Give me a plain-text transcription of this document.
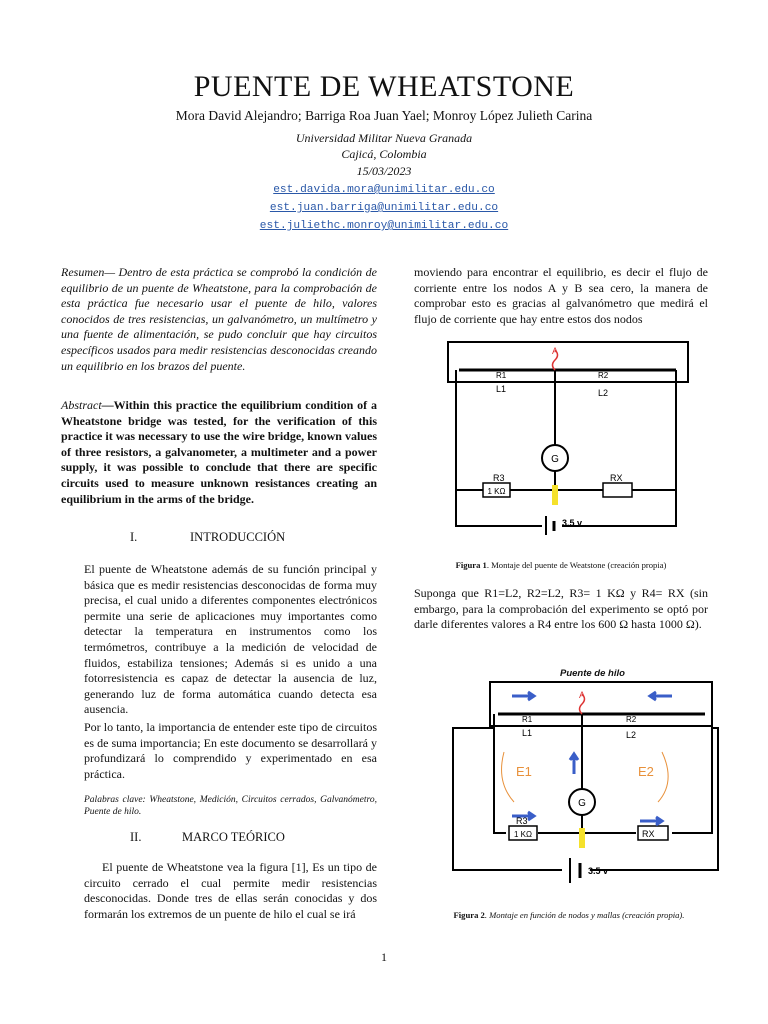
PUENTE DE WHEATSTONE
Mora David Alejandro; Barriga Roa Juan Yael; Monroy López Julieth Carina
Universidad Militar Nueva Granada
Cajicá, Colombia
15/03/2023
est.davida.mora@unimilitar.edu.co
est.juan.barriga@unimilitar.edu.co
est.juliethc.monroy@unimilitar.edu.co
Resumen— Dentro de esta práctica se comprobó la condición de equilibrio de un puente de Wheatstone, para la comprobación de esta práctica fue necesario usar el puente de hilo, valores conocidos de tres resistencias, un galvanómetro, un multímetro y una fuente de alimentación, se pudo concluir que hay circuitos específicos usados para medir resistencias desconocidas creando un equilibrio en los brazos del puente.
Abstract—Within this practice the equilibrium condition of a Wheatstone bridge was tested, for the verification of this practice it was necessary to use the wire bridge, known values of three resistors, a galvanometer, a multimeter and a power supply, it was possible to conclude that there are specific circuits used to measure unknown resistances creating an equilibrium in the arms of the bridge.
I.	INTRODUCCIÓN
El puente de Wheatstone además de su función principal y básica que es medir resistencias desconocidas de forma muy precisa, el cual unido a diferentes componentes electrónicos permite una serie de aplicaciones muy importantes como detectar la temperatura en instrumentos como los termómetros, contribuye a la medición de velocidad de fluidos, estabiliza tensiones; Además si es unido a una fotorresistencia es capaz de detectar la ausencia de luz, generando luz de forma automática cuando detecta esa ausencia.
Por lo tanto, la importancia de entender este tipo de circuitos es de suma importancia; En este documento se desarrollará y profundizará lo comprendido y experimentado en esa práctica.
Palabras clave: Wheatstone, Medición, Circuitos cerrados, Galvanómetro, Puente de hilo.
II.	MARCO TEÓRICO
El puente de Wheatstone vea la figura [1], Es un tipo de circuito cerrado el cual permite medir resistencias desconocidas. Donde tres de ellas serán conocidas y dos formarán los extremos de un puente de hilo el cual se irá
moviendo para encontrar el equilibrio, es decir el flujo de corriente entre los nodos A y B sea cero, la manera de comprobar esto es gracias al galvanómetro que medirá el flujo de corriente que hay entre estos dos nodos
A
R1	R2
L1	L2
G
R3
1 KΩ
RX
3.5 v
Figura 1. Montaje del puente de Weatstone (creación propia)
Suponga que R1=L2, R2=L2, R3= 1 KΩ y R4= RX (sin embargo, para la comprobación del experimento se optó por darle diferentes valores a R4 entre los 600 Ω hasta 1000 Ω).
Puente de hilo
A
R1	R2
L1	L2
E1	E2
G
R3
1 KΩ	RX
3.5 v
Figura 2. Montaje en función de nodos y mallas (creación propia).
1
